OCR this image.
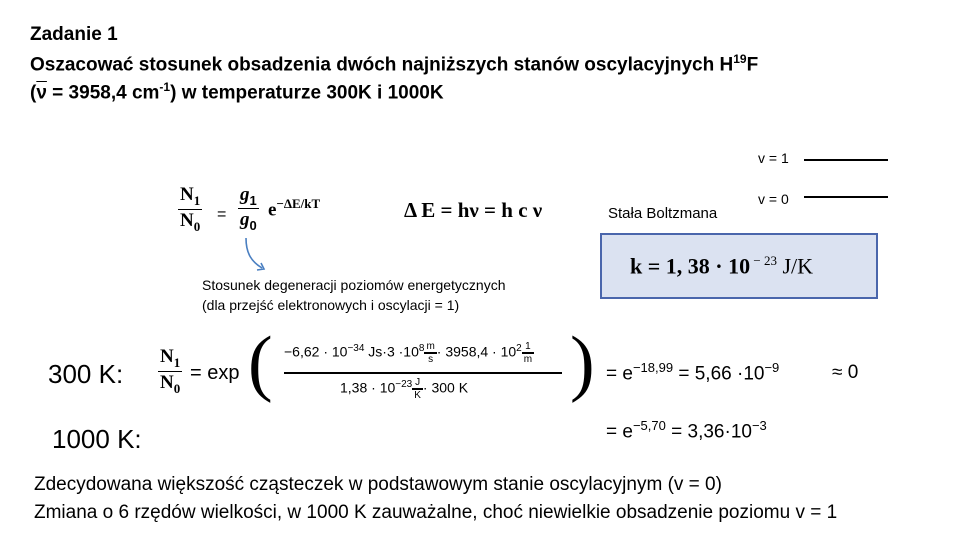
Zadanie 1
Oszacować stosunek obsadzenia dwóch najniższych stanów oscylacyjnych $H^{19}F$
($\overline{\nu} = 3958,4$ $cm^{-1}$) w temperaturze 300K i 1000K
v = 1
v = 0
$\frac{N_1}{N_0} = \frac{g_1}{g_0} e^{-\Delta E/kT}$	Δ E = hν = h c ν
Stosunek degeneracji poziomów energetycznych
(dla przejść elektronowych i oscylacji = 1)
Stała Boltzmana
k = 1, 38 · 10 $^{- 23}$ J/K
300 K: $\frac{N_1}{N_0} = \exp$ (	)
$-6,62 \cdot 10^{-34}$ $Js\cdot 3 \cdot 10^8 \frac{m}{s} \cdot 3958,4 \cdot 10^2 \frac{1}{m}$
$1,38 \cdot 10^{-23} \frac{J}{K} \cdot 300$ K
= $e^{-18,99} = 5,66 \cdot 10^{-9}$	≈ 0
1000 K:	= $e^{-5,70} = 3,36\cdot 10^{-3}$
Zdecydowana większość cząsteczek w podstawowym stanie oscylacyjnym (v = 0)
Zmiana o 6 rzędów wielkości, w 1000 K zauważalne, choć niewielkie obsadzenie poziomu v = 1
